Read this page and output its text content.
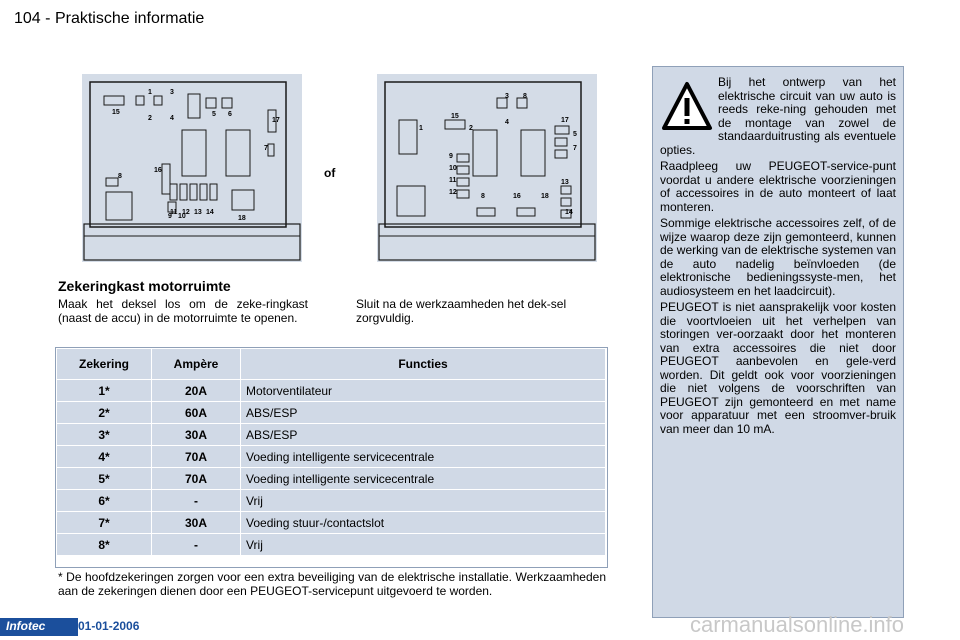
104 - Praktische informatie
1	3
2	4
5 6
15
17
7
16
8
11 12 13 14
9 10	18
of
3 8
4
1
15
2
17
5
7
9
10
11
12
13
8	16	18
14
Zekeringkast motorruimte
Maak het deksel los om de zeke-ringkast (naast de accu) in de motorruimte te openen.
Sluit na de werkzaamheden het dek-sel zorgvuldig.
Zekering	Ampère	Functies
1*	20A	Motorventilateur
2*	60A	ABS/ESP
3*	30A	ABS/ESP
4*	70A	Voeding intelligente servicecentrale
5*	70A	Voeding intelligente servicecentrale
6*	-	Vrij
7*	30A	Voeding stuur-/contactslot
8*	-	Vrij
* De hoofdzekeringen zorgen voor een extra beveiliging van de elektrische installatie. Werkzaamheden aan de zekeringen dienen door een PEUGEOT-servicepunt uitgevoerd te worden.

Bij het ontwerp van het elektrische circuit van uw auto is reeds reke-ning gehouden met de montage van zowel de standaarduitrusting als eventuele opties.

Raadpleeg uw PEUGEOT-service-punt voordat u andere elektrische voorzieningen of accessoires in de auto monteert of laat monteren.

Sommige elektrische accessoires zelf, of de wijze waarop deze zijn gemonteerd, kunnen de werking van de elektrische systemen van de auto nadelig beïnvloeden (de elektronische bedieningssyste-men, het audiosysteem en het laadcircuit).

PEUGEOT is niet aansprakelijk voor kosten die voortvloeien uit het verhelpen van storingen ver-oorzaakt door het monteren van extra accessoires die niet door PEUGEOT aanbevolen en gele-verd worden. Dit geldt ook voor voorzieningen die niet volgens de voorschriften van PEUGEOT zijn gemonteerd en met name voor apparatuur met een stroomver-bruik van meer dan 10 mA.

Infotec	01-01-2006	carmanualsonline.info
